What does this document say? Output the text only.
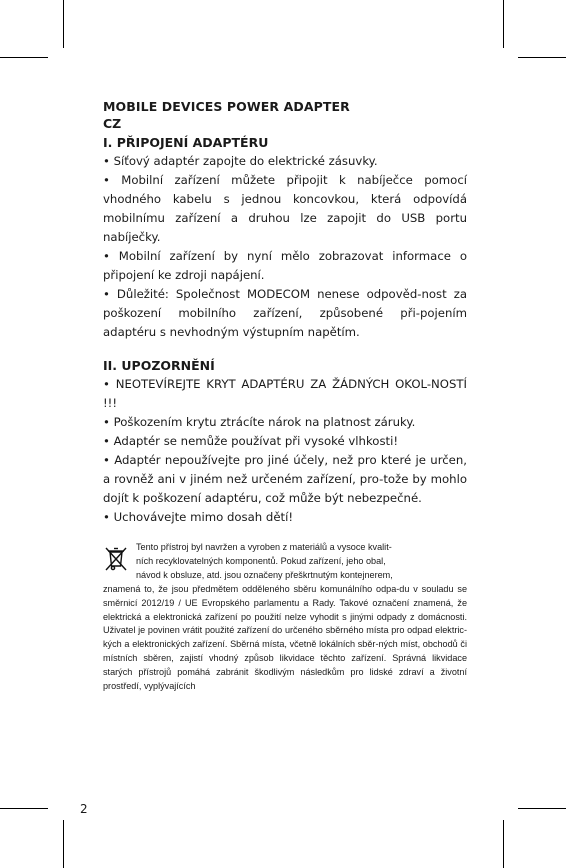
MOBILE DEVICES POWER ADAPTER
CZ
I. PŘIPOJENÍ ADAPTÉRU
• Síťový adaptér zapojte do elektrické zásuvky.
• Mobilní zařízení můžete připojit k nabíječce pomocí vhodného kabelu s jednou koncovkou, která odpovídá mobilnímu zařízení a druhou lze zapojit do USB portu nabíječky.
• Mobilní zařízení by nyní mělo zobrazovat informace o připojení ke zdroji napájení.
• Důležité: Společnost MODECOM nenese odpověd-nost za poškození mobilního zařízení, způsobené při-pojením adaptéru s nevhodným výstupním napětím.
II. UPOZORNĚNÍ
• NEOTEVÍREJTE KRYT ADAPTÉRU ZA ŽÁDNÝCH OKOL-NOSTÍ !!!
• Poškozením krytu ztrácíte nárok na platnost záruky.
• Adaptér se nemůže používat při vysoké vlhkosti!
• Adaptér nepoužívejte pro jiné účely, než pro které je určen, a rovněž ani v jiném než určeném zařízení, pro-tože by mohlo dojít k poškození adaptéru, což může být nebezpečné.
• Uchovávejte mimo dosah dětí!
Tento přístroj byl navržen a vyroben z materiálů a vysoce kvalit-
ních recyklovatelných komponentů. Pokud zařízení, jeho obal,
návod k obsluze, atd. jsou označeny přeškrtnutým kontejnerem,
znamená to, že jsou předmětem odděleného sběru komunálního odpa-du v souladu se směrnicí 2012/19 / UE Evropského parlamentu a Rady. Takové označení znamená, že elektrická a elektronická zařízení po použití nelze vyhodit s jinými odpady z domácnosti. Uživatel je povinen vrátit použité zařízení do určeného sběrného místa pro odpad elektric-kých a elektronických zařízení. Sběrná místa, včetně lokálních sběr-ných míst, obchodů či místních sběren, zajistí vhodný způsob likvidace těchto zařízení. Správná likvidace starých přístrojů pomáhá zabránit škodlivým následkům pro lidské zdraví a životní prostředí, vyplývajících
2
